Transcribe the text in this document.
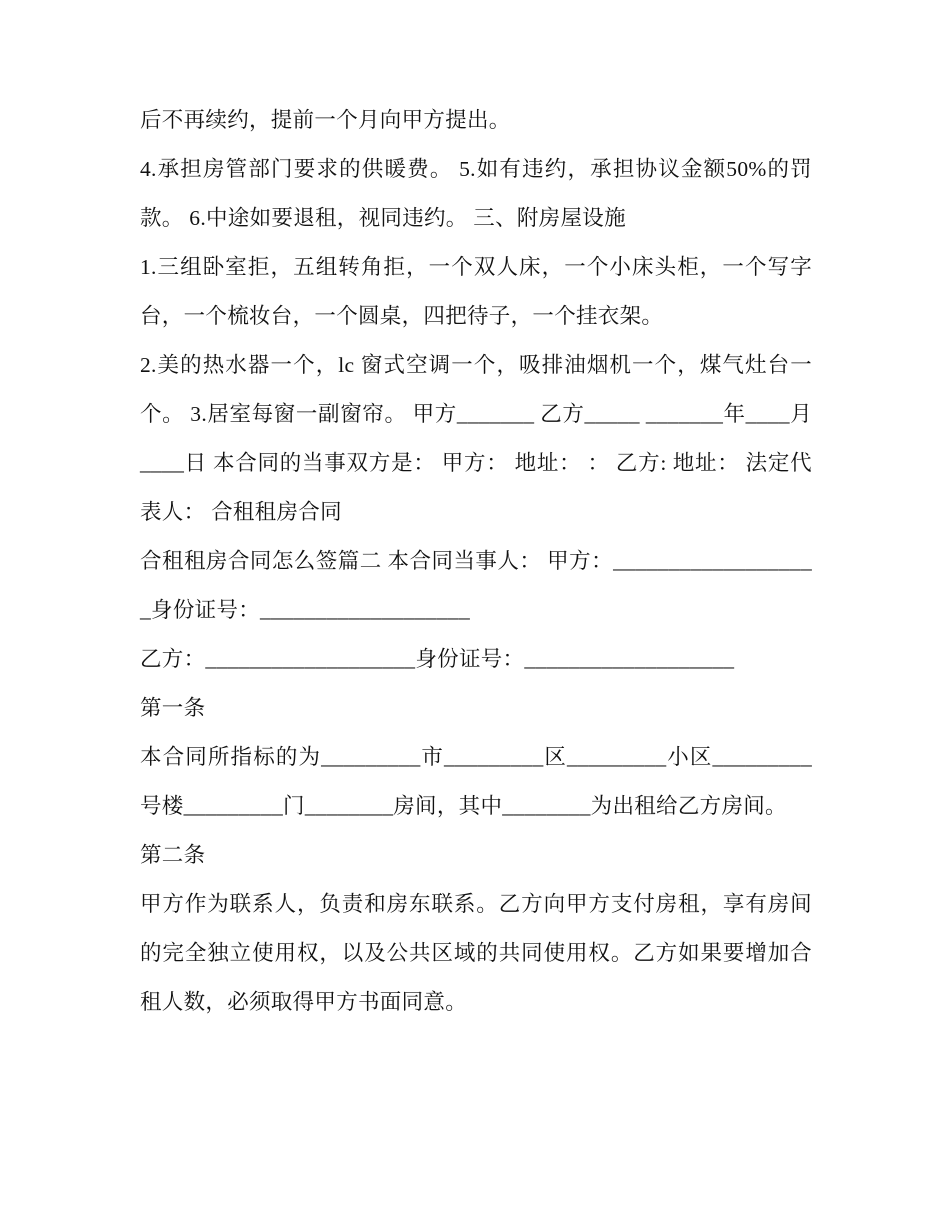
后不再续约，提前一个月向甲方提出。

4.承担房管部门要求的供暖费。 5.如有违约，承担协议金额50%的罚款。 6.中途如要退租，视同违约。 三、附房屋设施

1.三组卧室拒，五组转角拒，一个双人床，一个小床头柜，一个写字台，一个梳妆台，一个圆桌，四把待子，一个挂衣架。

2.美的热水器一个，lc 窗式空调一个，吸排油烟机一个，煤气灶台一个。 3.居室每窗一副窗帘。 甲方_______ 乙方_____ _______年____月____日 本合同的当事双方是： 甲方： 地址： ： 乙方: 地址： 法定代表人： 合租租房合同

合租租房合同怎么签篇二 本合同当事人： 甲方：___________________身份证号：___________________

乙方：___________________身份证号：___________________

第一条

本合同所指标的为_________市_________区_________小区_________号楼_________门________房间，其中________为出租给乙方房间。

第二条

甲方作为联系人，负责和房东联系。乙方向甲方支付房租，享有房间的完全独立使用权，以及公共区域的共同使用权。乙方如果要增加合租人数，必须取得甲方书面同意。
